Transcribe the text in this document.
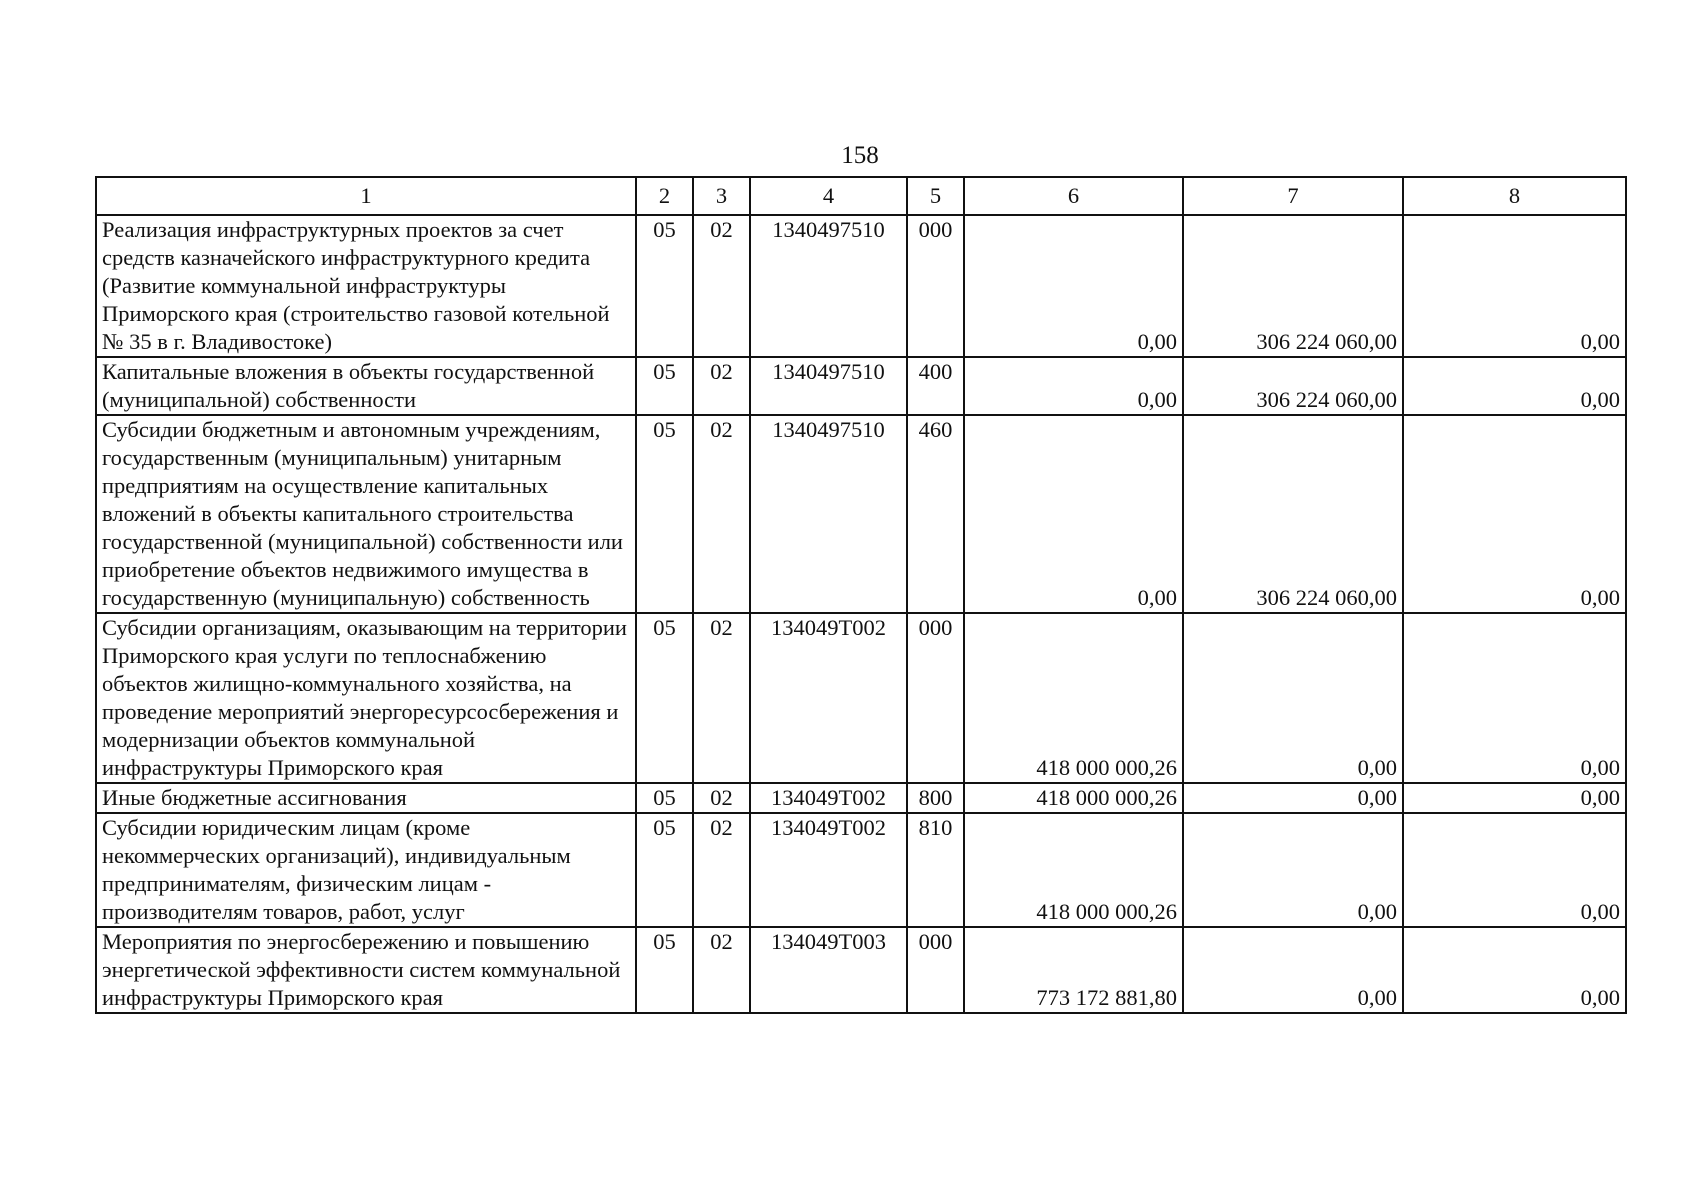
158
1	2	3	4	5	6	7	8
Реализация инфраструктурных проектов за счет средств казначейского инфраструктурного кредита (Развитие коммунальной инфраструктуры Приморского края (строительство газовой котельной № 35 в г. Владивостоке)	05	02	1340497510	000	0,00	306 224 060,00	0,00
Капитальные вложения в объекты государственной (муниципальной) собственности	05	02	1340497510	400	0,00	306 224 060,00	0,00
Субсидии бюджетным и автономным учреждениям, государственным (муниципальным) унитарным предприятиям на осуществление капитальных вложений в объекты капитального строительства государственной (муниципальной) собственности или приобретение объектов недвижимого имущества в государственную (муниципальную) собственность	05	02	1340497510	460	0,00	306 224 060,00	0,00
Субсидии организациям, оказывающим на территории Приморского края услуги по теплоснабжению объектов жилищно-коммунального хозяйства, на проведение мероприятий энергоресурсосбережения и модернизации объектов коммунальной инфраструктуры Приморского края	05	02	134049Т002	000	418 000 000,26	0,00	0,00
Иные бюджетные ассигнования	05	02	134049Т002	800	418 000 000,26	0,00	0,00
Субсидии юридическим лицам (кроме некоммерческих организаций), индивидуальным предпринимателям, физическим лицам - производителям товаров, работ, услуг	05	02	134049Т002	810	418 000 000,26	0,00	0,00
Мероприятия по энергосбережению и повышению энергетической эффективности систем коммунальной инфраструктуры Приморского края	05	02	134049Т003	000	773 172 881,80	0,00	0,00
